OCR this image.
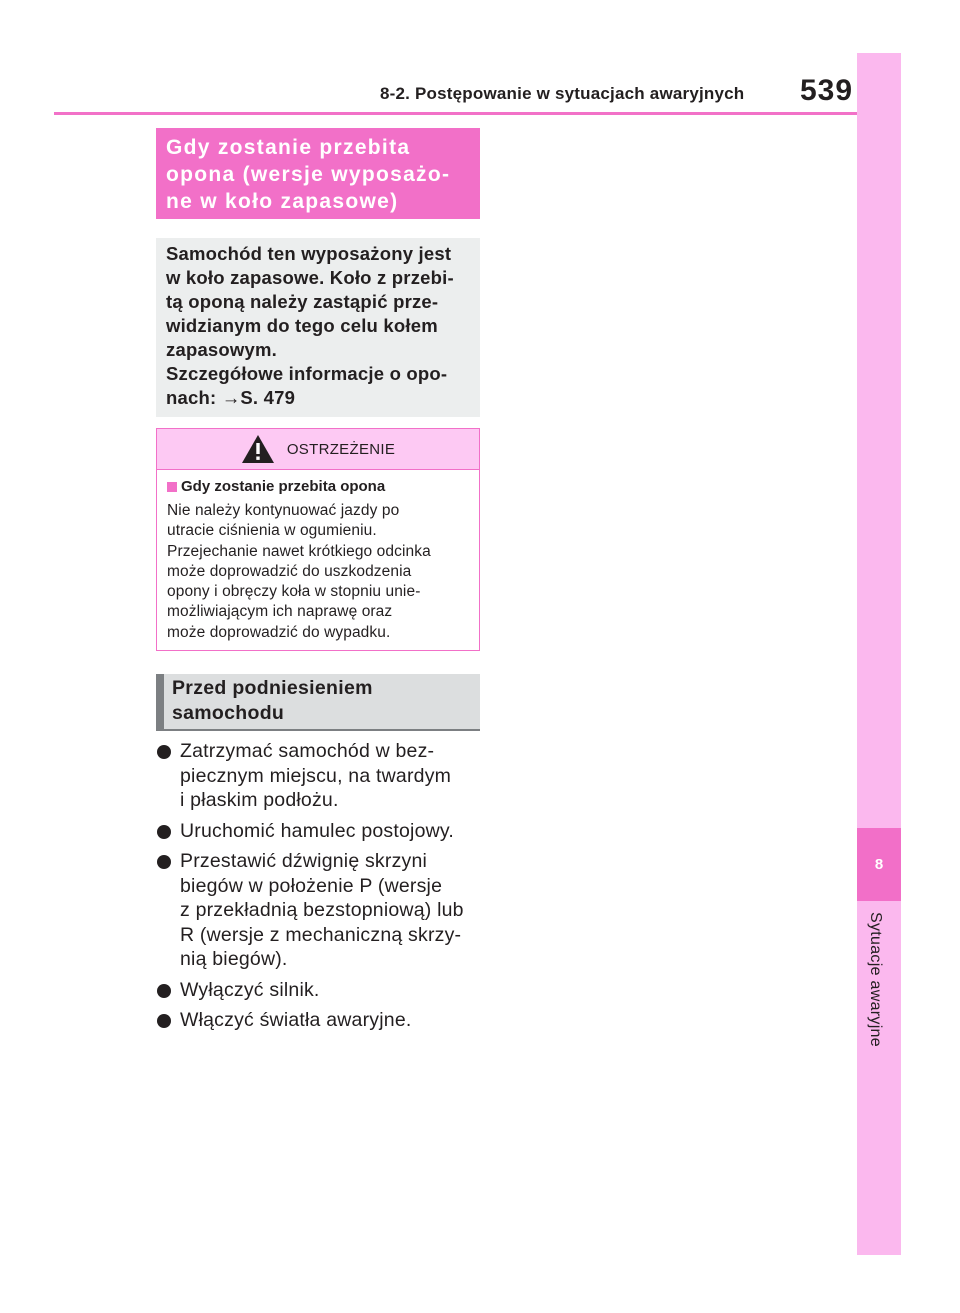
8-2. Postępowanie w sytuacjach awaryjnych	539
8
Sytuacje awaryjne
Gdy zostanie przebita
opona (wersje wyposażo-
ne w koło zapasowe)

Samochód ten wyposażony jest

w koło zapasowe. Koło z przebi-

tą oponą należy zastąpić prze-

widzianym do tego celu kołem

zapasowym.

Szczegółowe informacje o opo-

nach: →S. 479

OSTRZEŻENIE

Gdy zostanie przebita opona

Nie należy kontynuować jazdy po

utracie ciśnienia w ogumieniu.

Przejechanie nawet krótkiego odcinka

może doprowadzić do uszkodzenia

opony i obręczy koła w stopniu unie-

możliwiającym ich naprawę oraz

może doprowadzić do wypadku.

Przed podniesieniem
samochodu
Zatrzymać samochód w bez-
piecznym miejscu, na twardym
i płaskim podłożu.
Uruchomić hamulec postojowy.
Przestawić dźwignię skrzyni
biegów w położenie P (wersje
z przekładnią bezstopniową) lub
R (wersje z mechaniczną skrzy-
nią biegów).
Wyłączyć silnik.
Włączyć światła awaryjne.
